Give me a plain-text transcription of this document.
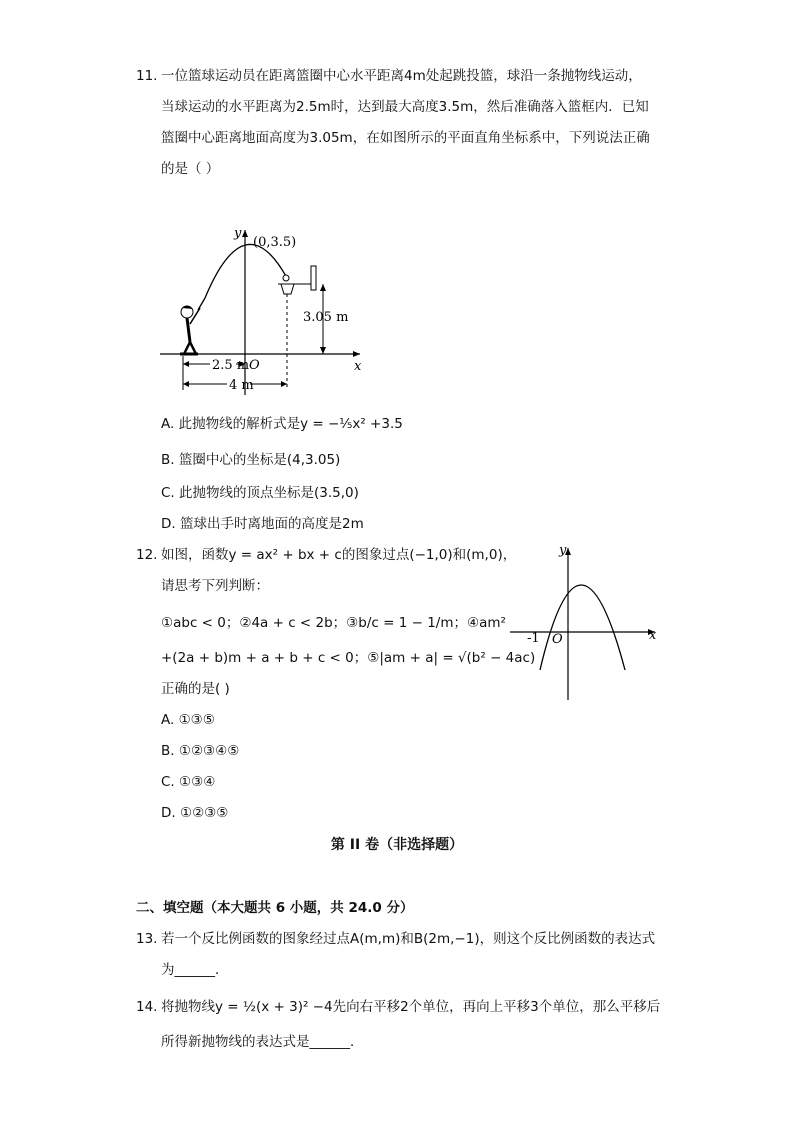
11. 一位篮球运动员在距离篮圈中心水平距离4m处起跳投篮，球沿一条抛物线运动，
当球运动的水平距离为2.5m时，达到最大高度3.5m，然后准确落入篮框内．已知
篮圈中心距离地面高度为3.05m，在如图所示的平面直角坐标系中，下列说法正确
的是（ ）
y
x
(0,3.5)
3.05 m
2.5 m
4 m
O
A. 此抛物线的解析式是y = −⅕x² +3.5
B. 篮圈中心的坐标是(4,3.05)
C. 此抛物线的顶点坐标是(3.5,0)
D. 篮球出手时离地面的高度是2m
12. 如图，函数y = ax² + bx + c的图象过点(−1,0)和(m,0)，
请思考下列判断：
①abc < 0；②4a + c < 2b；③b/c = 1 − 1/m；④am²
+(2a + b)m + a + b + c < 0；⑤|am + a| = √(b² − 4ac)
正确的是( )
y
x
-1 O
A. ①③⑤
B. ①②③④⑤
C. ①③④
D. ①②③⑤
第 II 卷（非选择题）
二、填空题（本大题共 6 小题，共 24.0 分）
13. 若一个反比例函数的图象经过点A(m,m)和B(2m,−1)，则这个反比例函数的表达式
为______．
14. 将抛物线y = ½(x + 3)² −4先向右平移2个单位，再向上平移3个单位，那么平移后
所得新抛物线的表达式是______．
